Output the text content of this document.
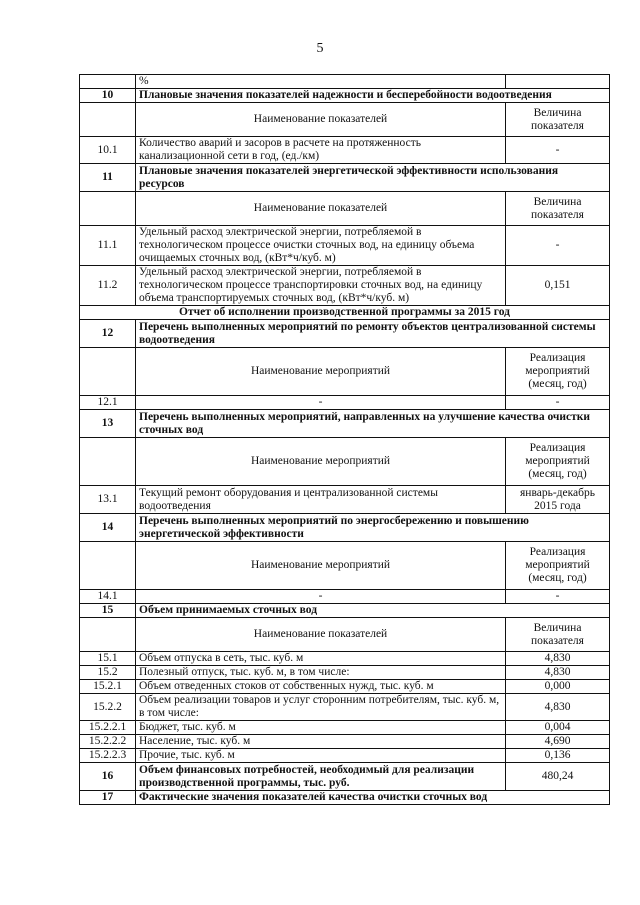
5
	%	
10	Плановые значения показателей надежности и бесперебойности водоотведения	
	Наименование показателей	Величина показателя
10.1	Количество аварий и засоров в расчете на протяженность канализационной сети в год, (ед./км)	-
11	Плановые значения показателей энергетической эффективности использования ресурсов	
	Наименование показателей	Величина показателя
11.1	Удельный расход электрической энергии, потребляемой в технологическом процессе очистки сточных вод, на единицу объема очищаемых сточных вод, (кВт*ч/куб. м)	-
11.2	Удельный расход электрической энергии, потребляемой в технологическом процессе транспортировки сточных вод, на единицу объема транспортируемых сточных вод, (кВт*ч/куб. м)	0,151
Отчет об исполнении производственной программы за 2015 год		
12	Перечень выполненных мероприятий по ремонту объектов централизованной системы водоотведения	
	Наименование мероприятий	Реализация мероприятий (месяц, год)
12.1	-	-
13	Перечень выполненных мероприятий, направленных на улучшение качества очистки сточных вод	
	Наименование мероприятий	Реализация мероприятий (месяц, год)
13.1	Текущий ремонт оборудования и централизованной системы водоотведения	январь-декабрь 2015 года
14	Перечень выполненных мероприятий по энергосбережению и повышению энергетической эффективности	
	Наименование мероприятий	Реализация мероприятий (месяц, год)
14.1	-	-
15	Объем принимаемых сточных вод	
	Наименование показателей	Величина показателя
15.1	Объем отпуска в сеть, тыс. куб. м	4,830
15.2	Полезный отпуск, тыс. куб. м, в том числе:	4,830
15.2.1	Объем отведенных стоков от собственных нужд, тыс. куб. м	0,000
15.2.2	Объем реализации товаров и услуг сторонним потребителям, тыс. куб. м, в том числе:	4,830
15.2.2.1	Бюджет, тыс. куб. м	0,004
15.2.2.2	Население, тыс. куб. м	4,690
15.2.2.3	Прочие, тыс. куб. м	0,136
16	Объем финансовых потребностей, необходимый для реализации производственной программы, тыс. руб.	480,24
17	Фактические значения показателей качества очистки сточных вод	
